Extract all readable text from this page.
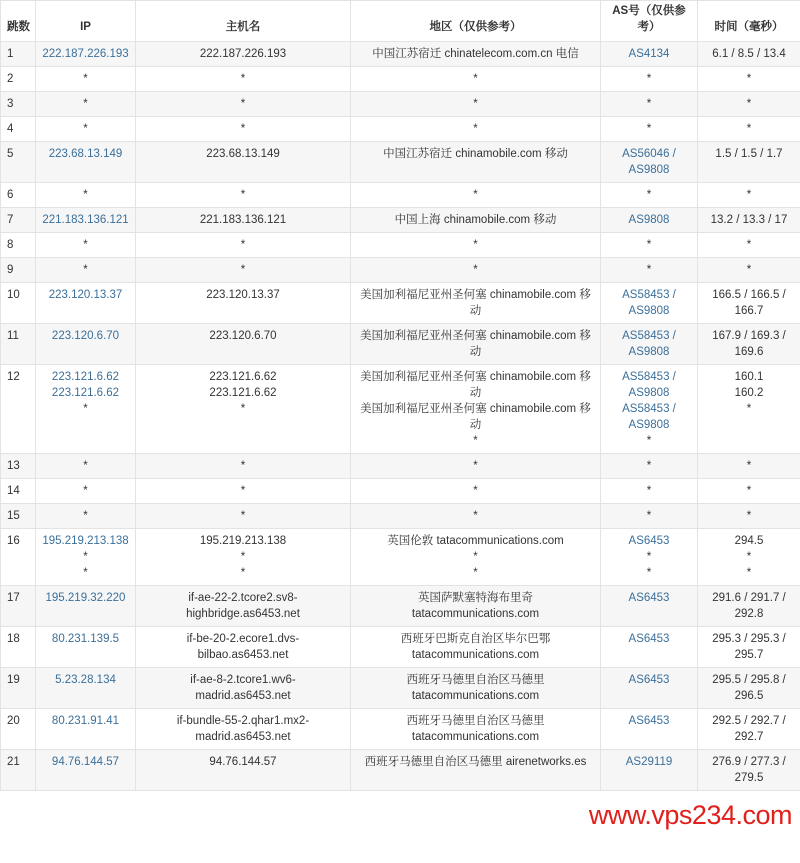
跳数	IP	主机名	地区（仅供参考）	AS号（仅供参考）	时间（毫秒）
1	222.187.226.193	222.187.226.193	中国江苏宿迁 chinatelecom.com.cn 电信	AS4134	6.1 / 8.5 / 13.4

2	*	*	*	*	*

3	*	*	*	*	*

4	*	*	*	*	*

5	223.68.13.149	223.68.13.149	中国江苏宿迁 chinamobile.com 移动	AS56046 /
AS9808	1.5 / 1.5 / 1.7

6	*	*	*	*	*

7	221.183.136.121	221.183.136.121	中国上海 chinamobile.com 移动	AS9808	13.2 / 13.3 / 17

8	*	*	*	*	*

9	*	*	*	*	*

10	223.120.13.37	223.120.13.37	美国加利福尼亚州圣何塞 chinamobile.com 移
动	AS58453 /
AS9808	166.5 / 166.5 /
166.7

11	223.120.6.70	223.120.6.70	美国加利福尼亚州圣何塞 chinamobile.com 移
动	AS58453 /
AS9808	167.9 / 169.3 /
169.6

12	223.121.6.62
223.121.6.62
*	223.121.6.62
223.121.6.62
*	美国加利福尼亚州圣何塞 chinamobile.com 移
动
美国加利福尼亚州圣何塞 chinamobile.com 移
动
*	AS58453 /
AS9808
AS58453 /
AS9808
*	160.1
160.2
*

13	*	*	*	*	*

14	*	*	*	*	*

15	*	*	*	*	*

16	195.219.213.138
*
*	195.219.213.138
*
*	英国伦敦 tatacommunications.com
*
*	AS6453
*
*	294.5
*
*

17	195.219.32.220	if-ae-22-2.tcore2.sv8-
highbridge.as6453.net	英国萨默塞特海布里奇
tatacommunications.com	AS6453	291.6 / 291.7 /
292.8

18	80.231.139.5	if-be-20-2.ecore1.dvs-
bilbao.as6453.net	西班牙巴斯克自治区毕尔巴鄂
tatacommunications.com	AS6453	295.3 / 295.3 /
295.7

19	5.23.28.134	if-ae-8-2.tcore1.wv6-
madrid.as6453.net	西班牙马德里自治区马德里
tatacommunications.com	AS6453	295.5 / 295.8 /
296.5

20	80.231.91.41	if-bundle-55-2.qhar1.mx2-
madrid.as6453.net	西班牙马德里自治区马德里
tatacommunications.com	AS6453	292.5 / 292.7 /
292.7

21	94.76.144.57	94.76.144.57	西班牙马德里自治区马德里 airenetworks.es	AS29119	276.9 / 277.3 /
279.5
www.vps234.com
